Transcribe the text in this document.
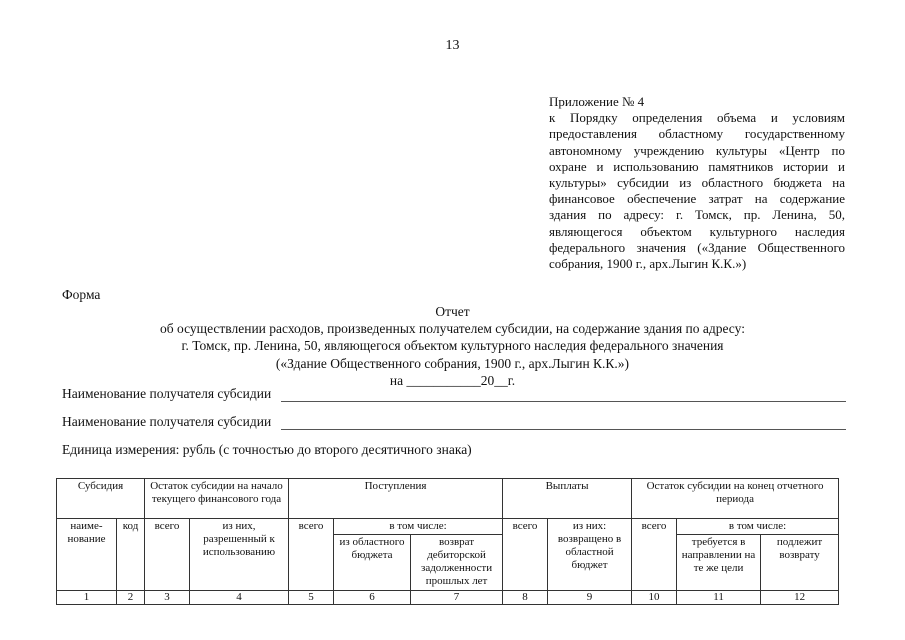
13
Приложение № 4
к Порядку определения объема и условиям предоставления областному государственному автономному учреждению культуры «Центр по охране и использованию памятников истории и культуры» субсидии из областного бюджета на финансовое обеспечение затрат на содержание здания по адресу: г. Томск, пр. Ленина, 50, являющегося объектом культурного наследия федерального значения («Здание Общественного собрания, 1900 г., арх.Лыгин К.К.»)
Форма
Отчет
об осуществлении расходов, произведенных получателем субсидии, на содержание здания по адресу:
г. Томск, пр. Ленина, 50, являющегося объектом культурного наследия федерального значения
(«Здание Общественного собрания, 1900 г., арх.Лыгин К.К.»)
на ___________20__г.
Наименование получателя субсидии
Наименование получателя субсидии
Единица измерения: рубль (с точностью до второго десятичного знака)
Субсидия		Остаток субсидии на начало текущего финансового года		Поступления			Выплаты		Остаток субсидии на конец отчетного периода		
наиме-нование	код	всего	из них, разрешенный к использованию	всего	в том числе:		всего	из них: возвращено в областной бюджет	всего	в том числе:	
					из областного бюджета	возврат дебиторской задолженности прошлых лет				требуется в направлении на те же цели	подлежит возврату
1	2	3	4	5	6	7	8	9	10	11	12
